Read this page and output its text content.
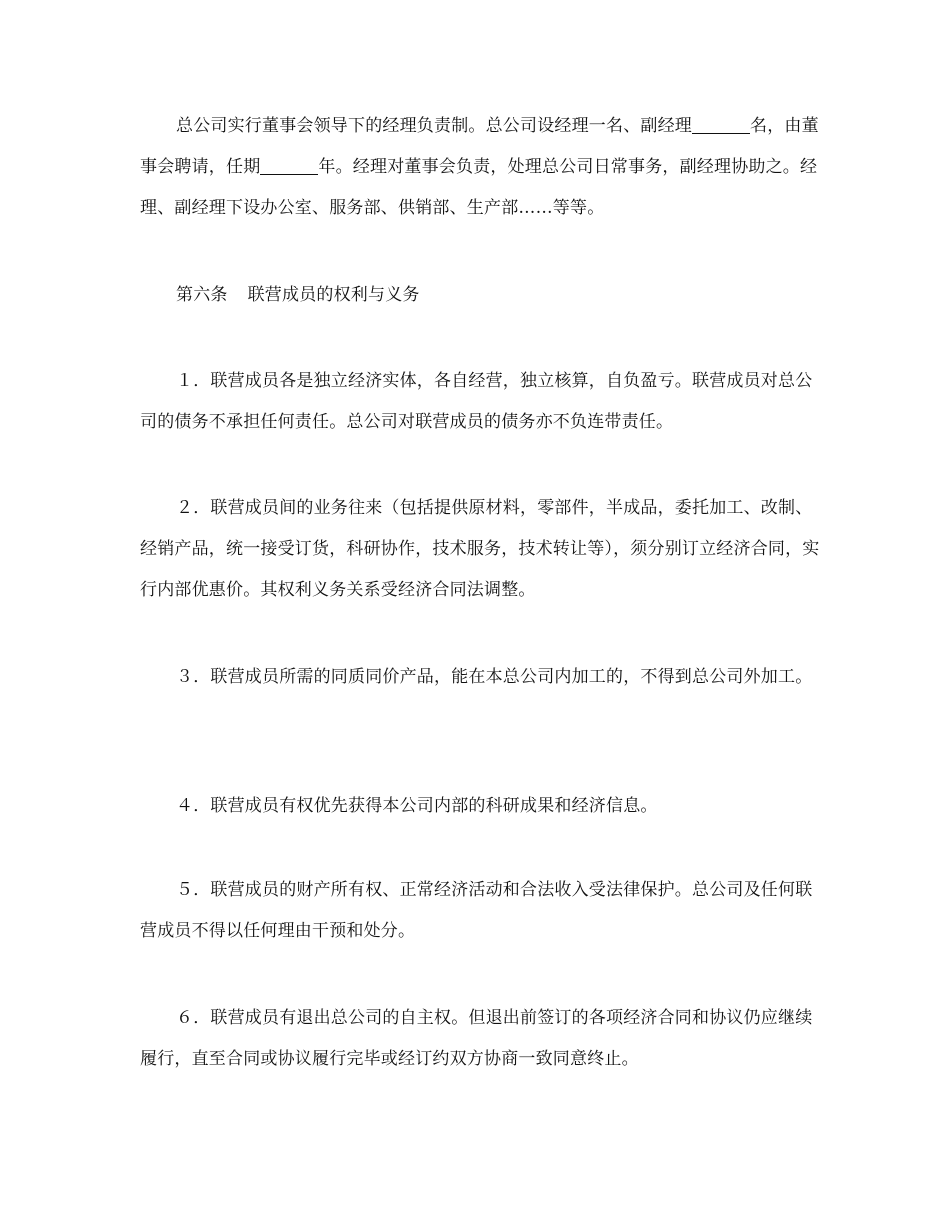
总公司实行董事会领导下的经理负责制。总公司设经理一名、副经理	名，由董事会聘请，任期	年。经理对董事会负责，处理总公司日常事务，副经理协助之。经理、副经理下设办公室、服务部、供销部、生产部……等等。

第六条 联营成员的权利与义务

１．联营成员各是独立经济实体，各自经营，独立核算，自负盈亏。联营成员对总公司的债务不承担任何责任。总公司对联营成员的债务亦不负连带责任。

２．联营成员间的业务往来（包括提供原材料，零部件，半成品，委托加工、改制、经销产品，统一接受订货，科研协作，技术服务，技术转让等），须分别订立经济合同，实行内部优惠价。其权利义务关系受经济合同法调整。

３．联营成员所需的同质同价产品，能在本总公司内加工的，不得到总公司外加工。

４．联营成员有权优先获得本公司内部的科研成果和经济信息。

５．联营成员的财产所有权、正常经济活动和合法收入受法律保护。总公司及任何联营成员不得以任何理由干预和处分。

６．联营成员有退出总公司的自主权。但退出前签订的各项经济合同和协议仍应继续履行，直至合同或协议履行完毕或经订约双方协商一致同意终止。
